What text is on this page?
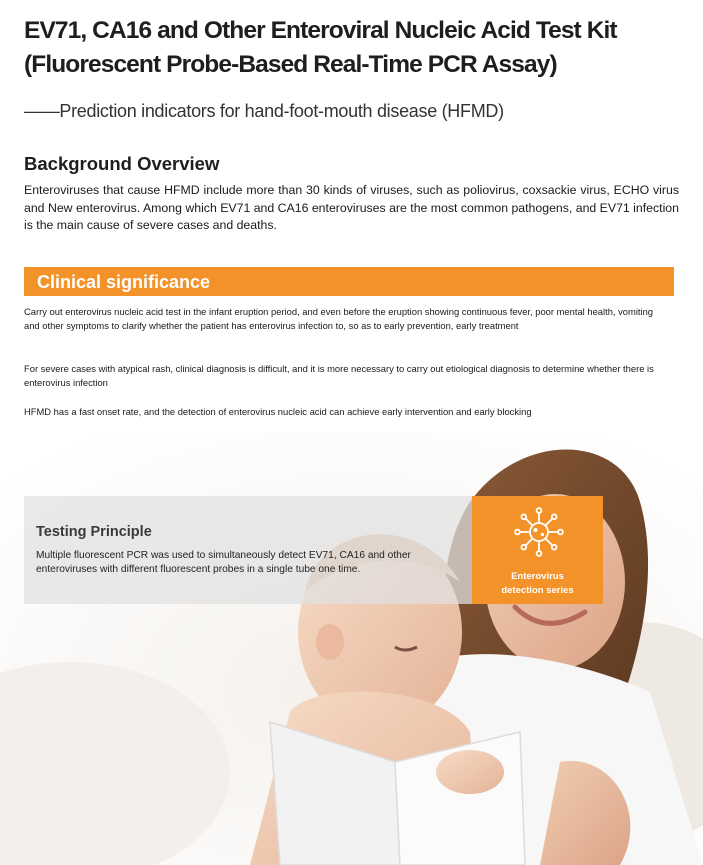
EV71, CA16 and Other Enteroviral Nucleic Acid Test Kit
(Fluorescent Probe-Based Real-Time PCR Assay)

——Prediction indicators for hand-foot-mouth disease (HFMD)

Background Overview

Enteroviruses that cause HFMD include more than 30 kinds of viruses, such as poliovirus, coxsackie virus, ECHO virus and New enterovirus. Among which EV71 and CA16 enteroviruses are the most common pathogens, and EV71 infection is the main cause of severe cases and deaths.

Clinical significance

Carry out enterovirus nucleic acid test in the infant eruption period, and even before the eruption showing continuous fever, poor mental health, vomiting and other symptoms to clarify whether the patient has enterovirus infection to, so as to early prevention, early treatment

For severe cases with atypical rash, clinical diagnosis is difficult, and it is more necessary to carry out etiological diagnosis to determine whether there is enterovirus infection

HFMD has a fast onset rate, and the detection of enterovirus nucleic acid can achieve early intervention and early blocking

Testing Principle

Multiple fluorescent PCR was used to simultaneously detect EV71, CA16 and other enteroviruses with different fluorescent probes in a single tube one time.

Enterovirus
detection series
